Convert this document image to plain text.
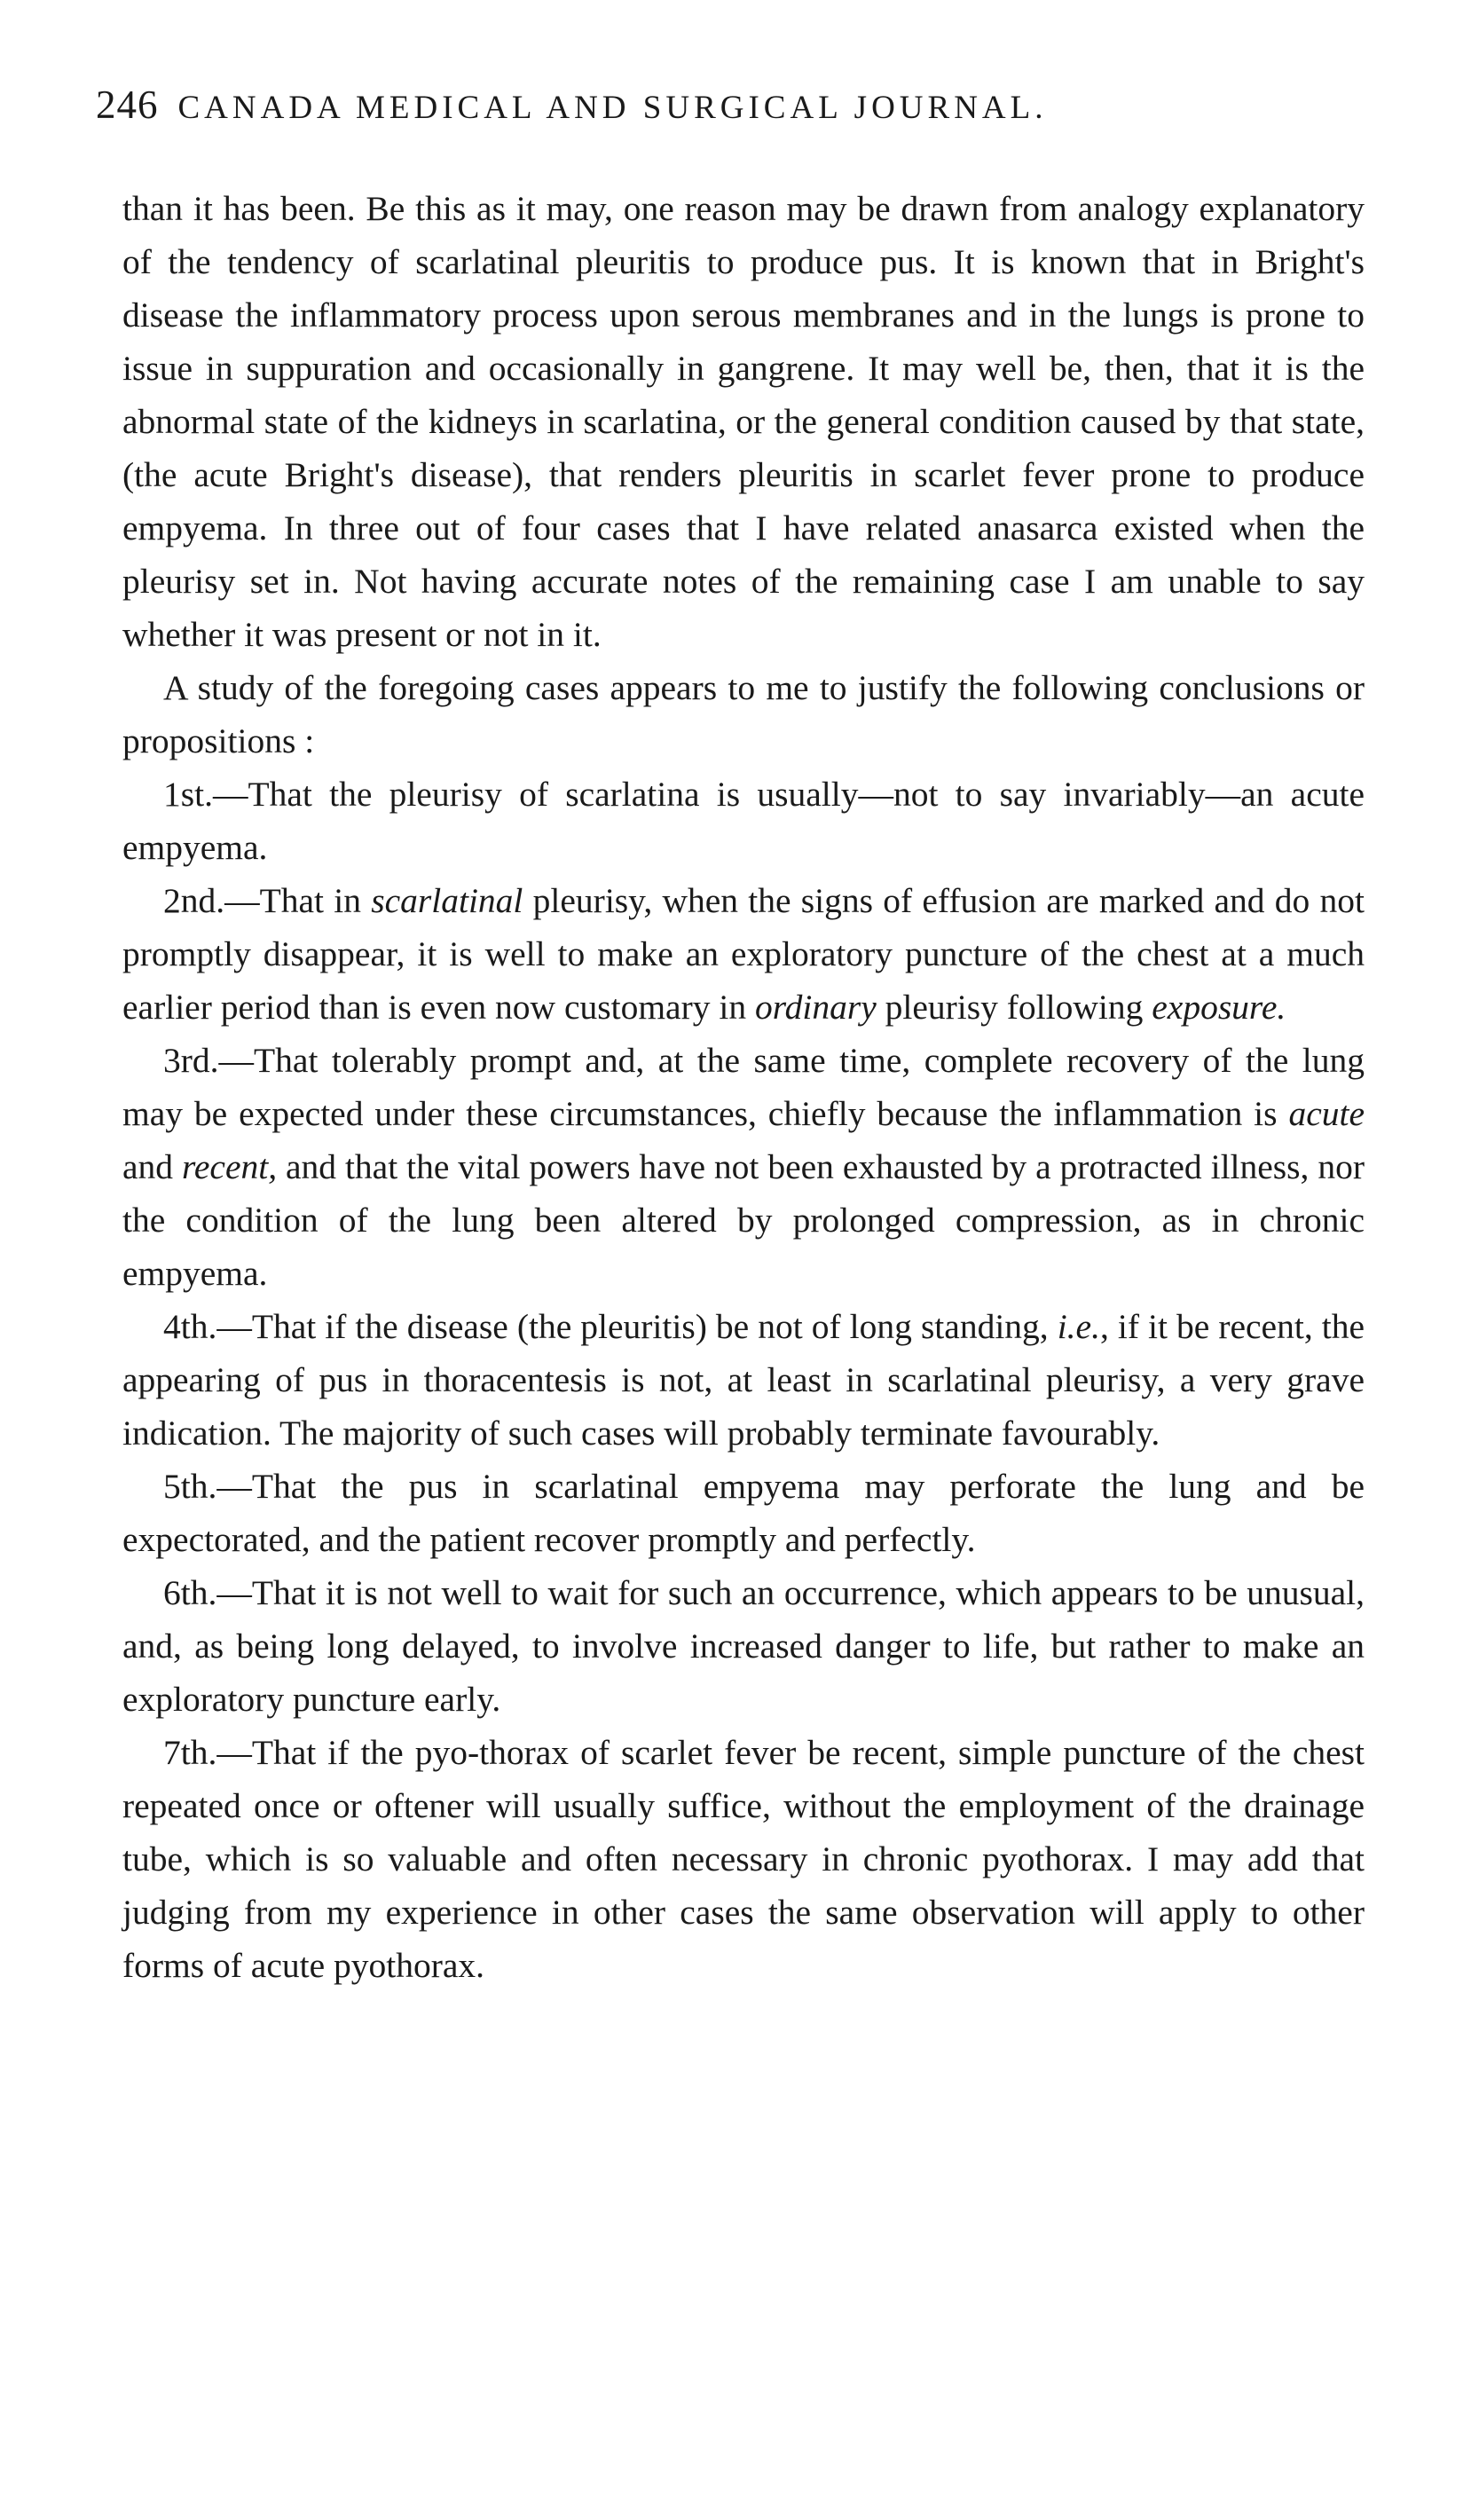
246 CANADA MEDICAL AND SURGICAL JOURNAL.

than it has been. Be this as it may, one reason may be drawn from analogy explanatory of the tendency of scarlatinal pleuritis to produce pus. It is known that in Bright's disease the inflammatory process upon serous membranes and in the lungs is prone to issue in suppuration and occasionally in gangrene. It may well be, then, that it is the abnormal state of the kidneys in scarlatina, or the general condition caused by that state, (the acute Bright's disease), that renders pleuritis in scarlet fever prone to produce empyema. In three out of four cases that I have related anasarca existed when the pleurisy set in. Not having accurate notes of the remaining case I am unable to say whether it was present or not in it.

A study of the foregoing cases appears to me to justify the following conclusions or propositions :

1st.—That the pleurisy of scarlatina is usually—not to say invariably—an acute empyema.

2nd.—That in scarlatinal pleurisy, when the signs of effusion are marked and do not promptly disappear, it is well to make an exploratory puncture of the chest at a much earlier period than is even now customary in ordinary pleurisy following exposure.

3rd.—That tolerably prompt and, at the same time, complete recovery of the lung may be expected under these circumstances, chiefly because the inflammation is acute and recent, and that the vital powers have not been exhausted by a protracted illness, nor the condition of the lung been altered by prolonged compression, as in chronic empyema.

4th.—That if the disease (the pleuritis) be not of long standing, i.e., if it be recent, the appearing of pus in thoracentesis is not, at least in scarlatinal pleurisy, a very grave indication. The majority of such cases will probably terminate favourably.

5th.—That the pus in scarlatinal empyema may perforate the lung and be expectorated, and the patient recover promptly and perfectly.

6th.—That it is not well to wait for such an occurrence, which appears to be unusual, and, as being long delayed, to involve increased danger to life, but rather to make an exploratory puncture early.

7th.—That if the pyo-thorax of scarlet fever be recent, simple puncture of the chest repeated once or oftener will usually suffice, without the employment of the drainage tube, which is so valuable and often necessary in chronic pyothorax. I may add that judging from my experience in other cases the same observation will apply to other forms of acute pyothorax.
